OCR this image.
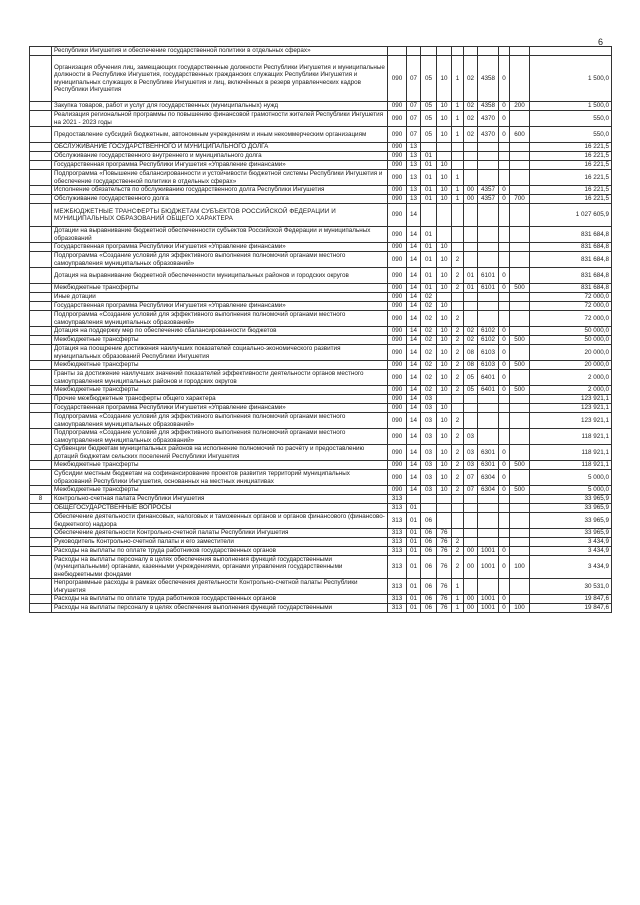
6
	Республики Ингушетия и обеспечение государственной политики в отдельных сферах»										
	Организация обучения лиц, замещающих государственные должности Республики Ингушетия и муниципальные должности в Республике Ингушетия, государственных гражданских служащих Республики Ингушетия и муниципальных служащих в Республике Ингушетия и лиц, включённых в резерв управленческих кадров Республики Ингушетия	090	07	05	10	1	02	4358	0		1 500,0
	Закупка товаров, работ и услуг для государственных (муниципальных) нужд	090	07	05	10	1	02	4358	0	200	1 500,0
	Реализация региональной программы по повышению финансовой грамотности жителей Республики Ингушетия на 2021 - 2023 годы	090	07	05	10	1	02	4370	0		550,0
	Предоставление субсидий бюджетным, автономным учреждениям и иным некоммерческим организациям	090	07	05	10	1	02	4370	0	600	550,0
	ОБСЛУЖИВАНИЕ ГОСУДАРСТВЕННОГО И МУНИЦИПАЛЬНОГО ДОЛГА	090	13								16 221,5
	Обслуживание государственного внутреннего и муниципального долга	090	13	01							16 221,5
	Государственная программа Республики Ингушетия «Управление финансами»	090	13	01	10						16 221,5
	Подпрограмма «Повышение сбалансированности и устойчивости бюджетной системы Республики Ингушетия и обеспечение государственной политики в отдельных сферах»	090	13	01	10	1					16 221,5
	Исполнение обязательств по обслуживанию государственного долга Республики Ингушетия	090	13	01	10	1	00	4357	0		16 221,5
	Обслуживание государственного долга	090	13	01	10	1	00	4357	0	700	16 221,5
	МЕЖБЮДЖЕТНЫЕ ТРАНСФЕРТЫ БЮДЖЕТАМ СУБЪЕКТОВ РОССИЙСКОЙ ФЕДЕРАЦИИ И МУНИЦИПАЛЬНЫХ ОБРАЗОВАНИЙ ОБЩЕГО ХАРАКТЕРА	090	14								1 027 605,9
	Дотации на выравнивание бюджетной обеспеченности субъектов Российской Федерации и муниципальных образований	090	14	01							831 684,8
	Государственная программа Республики Ингушетия «Управление финансами»	090	14	01	10						831 684,8
	Подпрограмма «Создание условий для эффективного выполнения полномочий органами местного самоуправления муниципальных образований»	090	14	01	10	2					831 684,8
	Дотация на выравнивание бюджетной обеспеченности муниципальных районов и городских округов	090	14	01	10	2	01	6101	0		831 684,8
	Межбюджетные трансферты	090	14	01	10	2	01	6101	0	500	831 684,8
	Иные дотации	090	14	02							72 000,0
	Государственная программа Республики Ингушетия «Управление финансами»	090	14	02	10						72 000,0
	Подпрограмма «Создание условий для эффективного выполнения полномочий органами местного самоуправления муниципальных образований»	090	14	02	10	2					72 000,0
	Дотация на поддержку мер по обеспечению сбалансированности бюджетов	090	14	02	10	2	02	6102	0		50 000,0
	Межбюджетные трансферты	090	14	02	10	2	02	6102	0	500	50 000,0
	Дотация на поощрение достижения наилучших показателей социально-экономического развития муниципальных образований Республики Ингушетия	090	14	02	10	2	08	6103	0		20 000,0
	Межбюджетные трансферты	090	14	02	10	2	08	6103	0	500	20 000,0
	Гранты за достижение наилучших значений показателей эффективности деятельности органов местного самоуправления муниципальных районов и городских округов	090	14	02	10	2	05	6401	0		2 000,0
	Межбюджетные трансферты	090	14	02	10	2	05	6401	0	500	2 000,0
	Прочие межбюджетные трансферты общего характера	090	14	03							123 921,1
	Государственная программа Республики Ингушетия «Управление финансами»	090	14	03	10						123 921,1
	Подпрограмма «Создание условий для эффективного выполнения полномочий органами местного самоуправления муниципальных образований»	090	14	03	10	2					123 921,1
	Подпрограмма «Создание условий для эффективного выполнения полномочий органами местного самоуправления муниципальных образований»	090	14	03	10	2	03				118 921,1
	Субвенции бюджетам муниципальных районов на исполнение полномочий по расчёту и предоставлению дотаций бюджетам сельских поселений Республики Ингушетия	090	14	03	10	2	03	6301	0		118 921,1
	Межбюджетные трансферты	090	14	03	10	2	03	6301	0	500	118 921,1
	Субсидии местным бюджетам на софинансирование проектов развития территорий муниципальных образований Республики Ингушетия, основанных на местных инициативах	090	14	03	10	2	07	6304	0		5 000,0
	Межбюджетные трансферты	090	14	03	10	2	07	6304	0	500	5 000,0
8	Контрольно-счетная палата Республики Ингушетия	313									33 965,9
	ОБЩЕГОСУДАРСТВЕННЫЕ ВОПРОСЫ	313	01								33 965,9
	Обеспечение деятельности финансовых, налоговых и таможенных органов и органов финансового (финансово-бюджетного) надзора	313	01	06							33 965,9
	Обеспечение деятельности Контрольно-счетной палаты Республики Ингушетия	313	01	06	76						33 965,9
	Руководитель Контрольно-счетной палаты и его заместители	313	01	06	76	2					3 434,9
	Расходы на выплаты по оплате труда работников государственных органов	313	01	06	76	2	00	1001	0		3 434,9
	Расходы на выплаты персоналу в целях обеспечения выполнения функций государственными (муниципальными) органами, казенными учреждениями, органами управления государственными внебюджетными фондами	313	01	06	76	2	00	1001	0	100	3 434,9
	Непрограммные расходы в рамках обеспечения деятельности Контрольно-счетной палаты Республики Ингушетия	313	01	06	76	1					30 531,0
	Расходы на выплаты по оплате труда работников государственных органов	313	01	06	76	1	00	1001	0		19 847,6
	Расходы на выплаты персоналу в целях обеспечения выполнения функций государственными	313	01	06	76	1	00	1001	0	100	19 847,6
